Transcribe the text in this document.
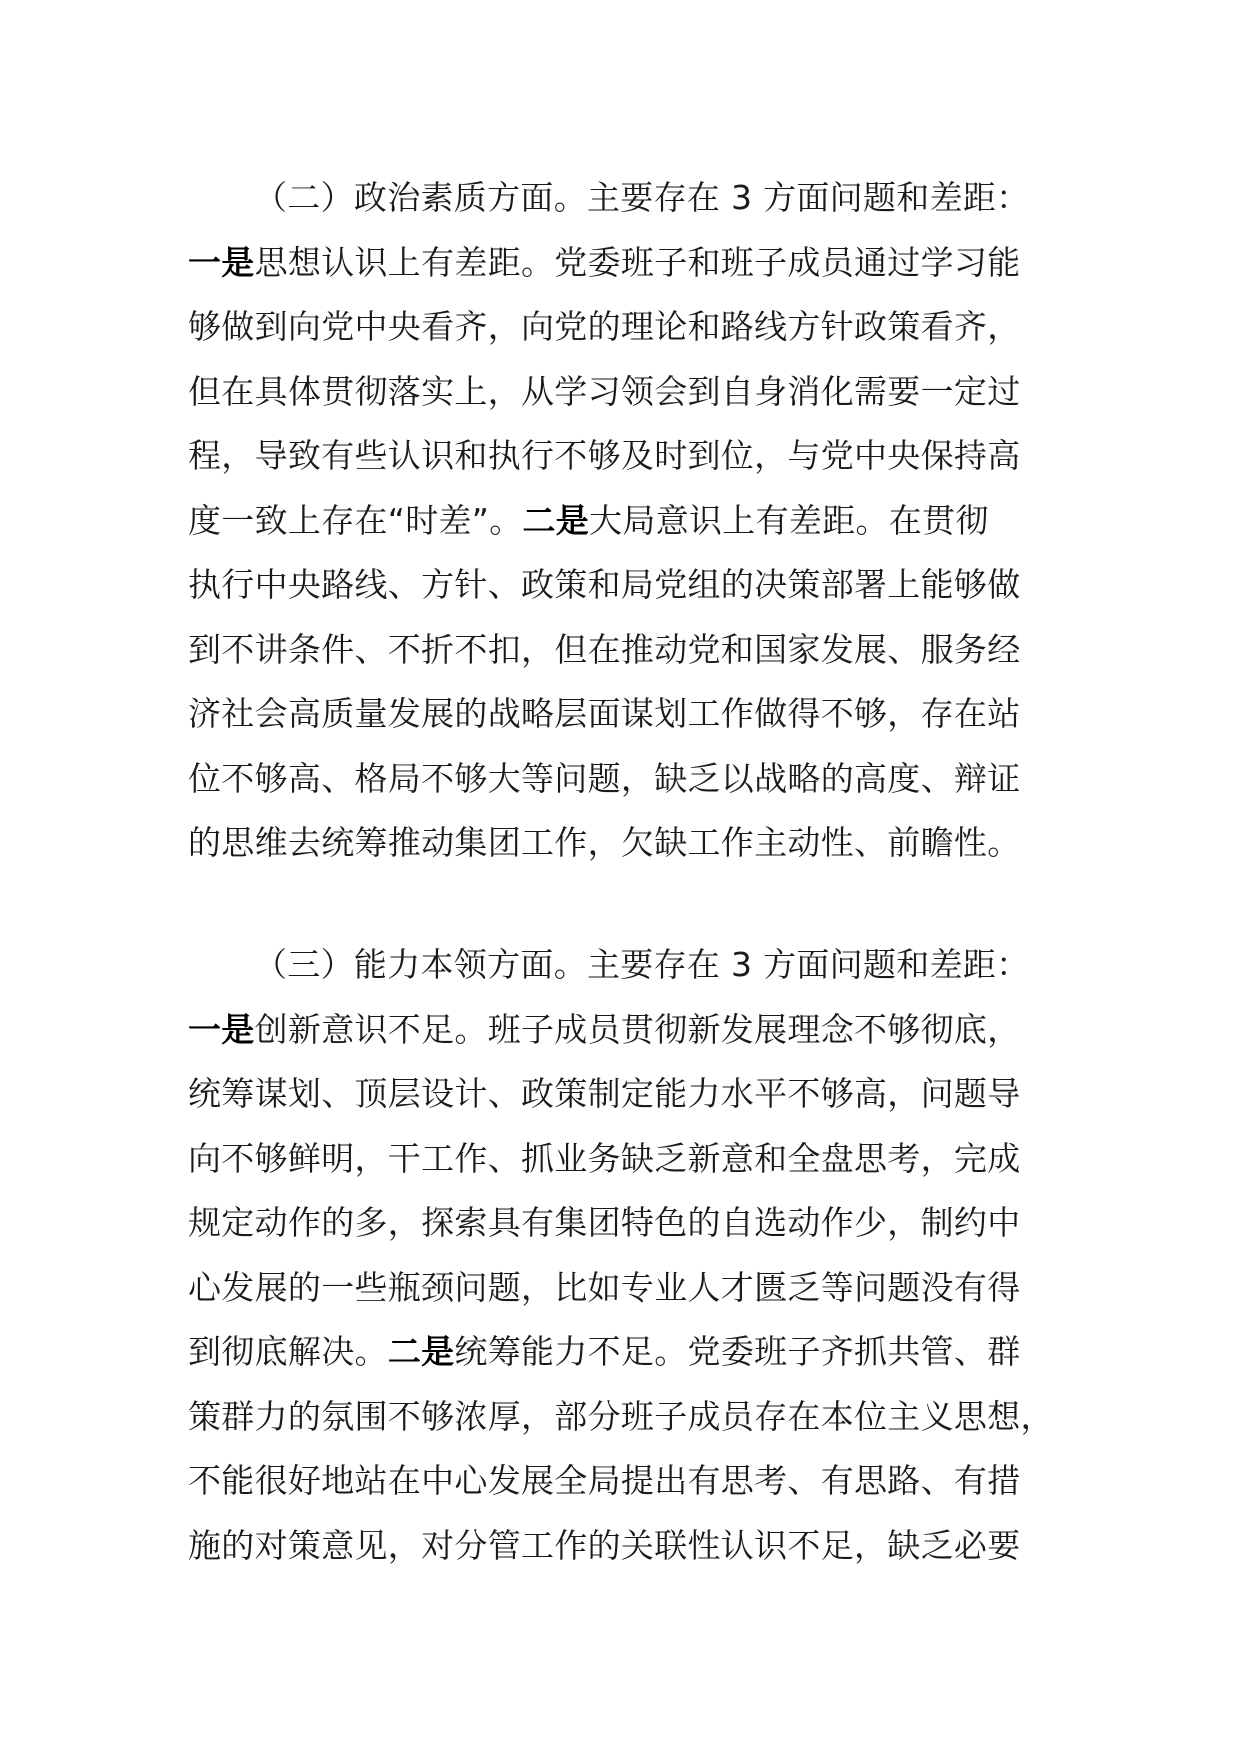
（二）政治素质方面。主要存在 3 方面问题和差距：
一是思想认识上有差距。党委班子和班子成员通过学习能
够做到向党中央看齐，向党的理论和路线方针政策看齐，
但在具体贯彻落实上，从学习领会到自身消化需要一定过
程，导致有些认识和执行不够及时到位，与党中央保持高
度一致上存在“时差”。二是大局意识上有差距。在贯彻
执行中央路线、方针、政策和局党组的决策部署上能够做
到不讲条件、不折不扣，但在推动党和国家发展、服务经
济社会高质量发展的战略层面谋划工作做得不够，存在站
位不够高、格局不够大等问题，缺乏以战略的高度、辩证
的思维去统筹推动集团工作，欠缺工作主动性、前瞻性。
（三）能力本领方面。主要存在 3 方面问题和差距：
一是创新意识不足。班子成员贯彻新发展理念不够彻底，
统筹谋划、顶层设计、政策制定能力水平不够高，问题导
向不够鲜明，干工作、抓业务缺乏新意和全盘思考，完成
规定动作的多，探索具有集团特色的自选动作少，制约中
心发展的一些瓶颈问题，比如专业人才匮乏等问题没有得
到彻底解决。二是统筹能力不足。党委班子齐抓共管、群
策群力的氛围不够浓厚，部分班子成员存在本位主义思想，
不能很好地站在中心发展全局提出有思考、有思路、有措
施的对策意见，对分管工作的关联性认识不足，缺乏必要
